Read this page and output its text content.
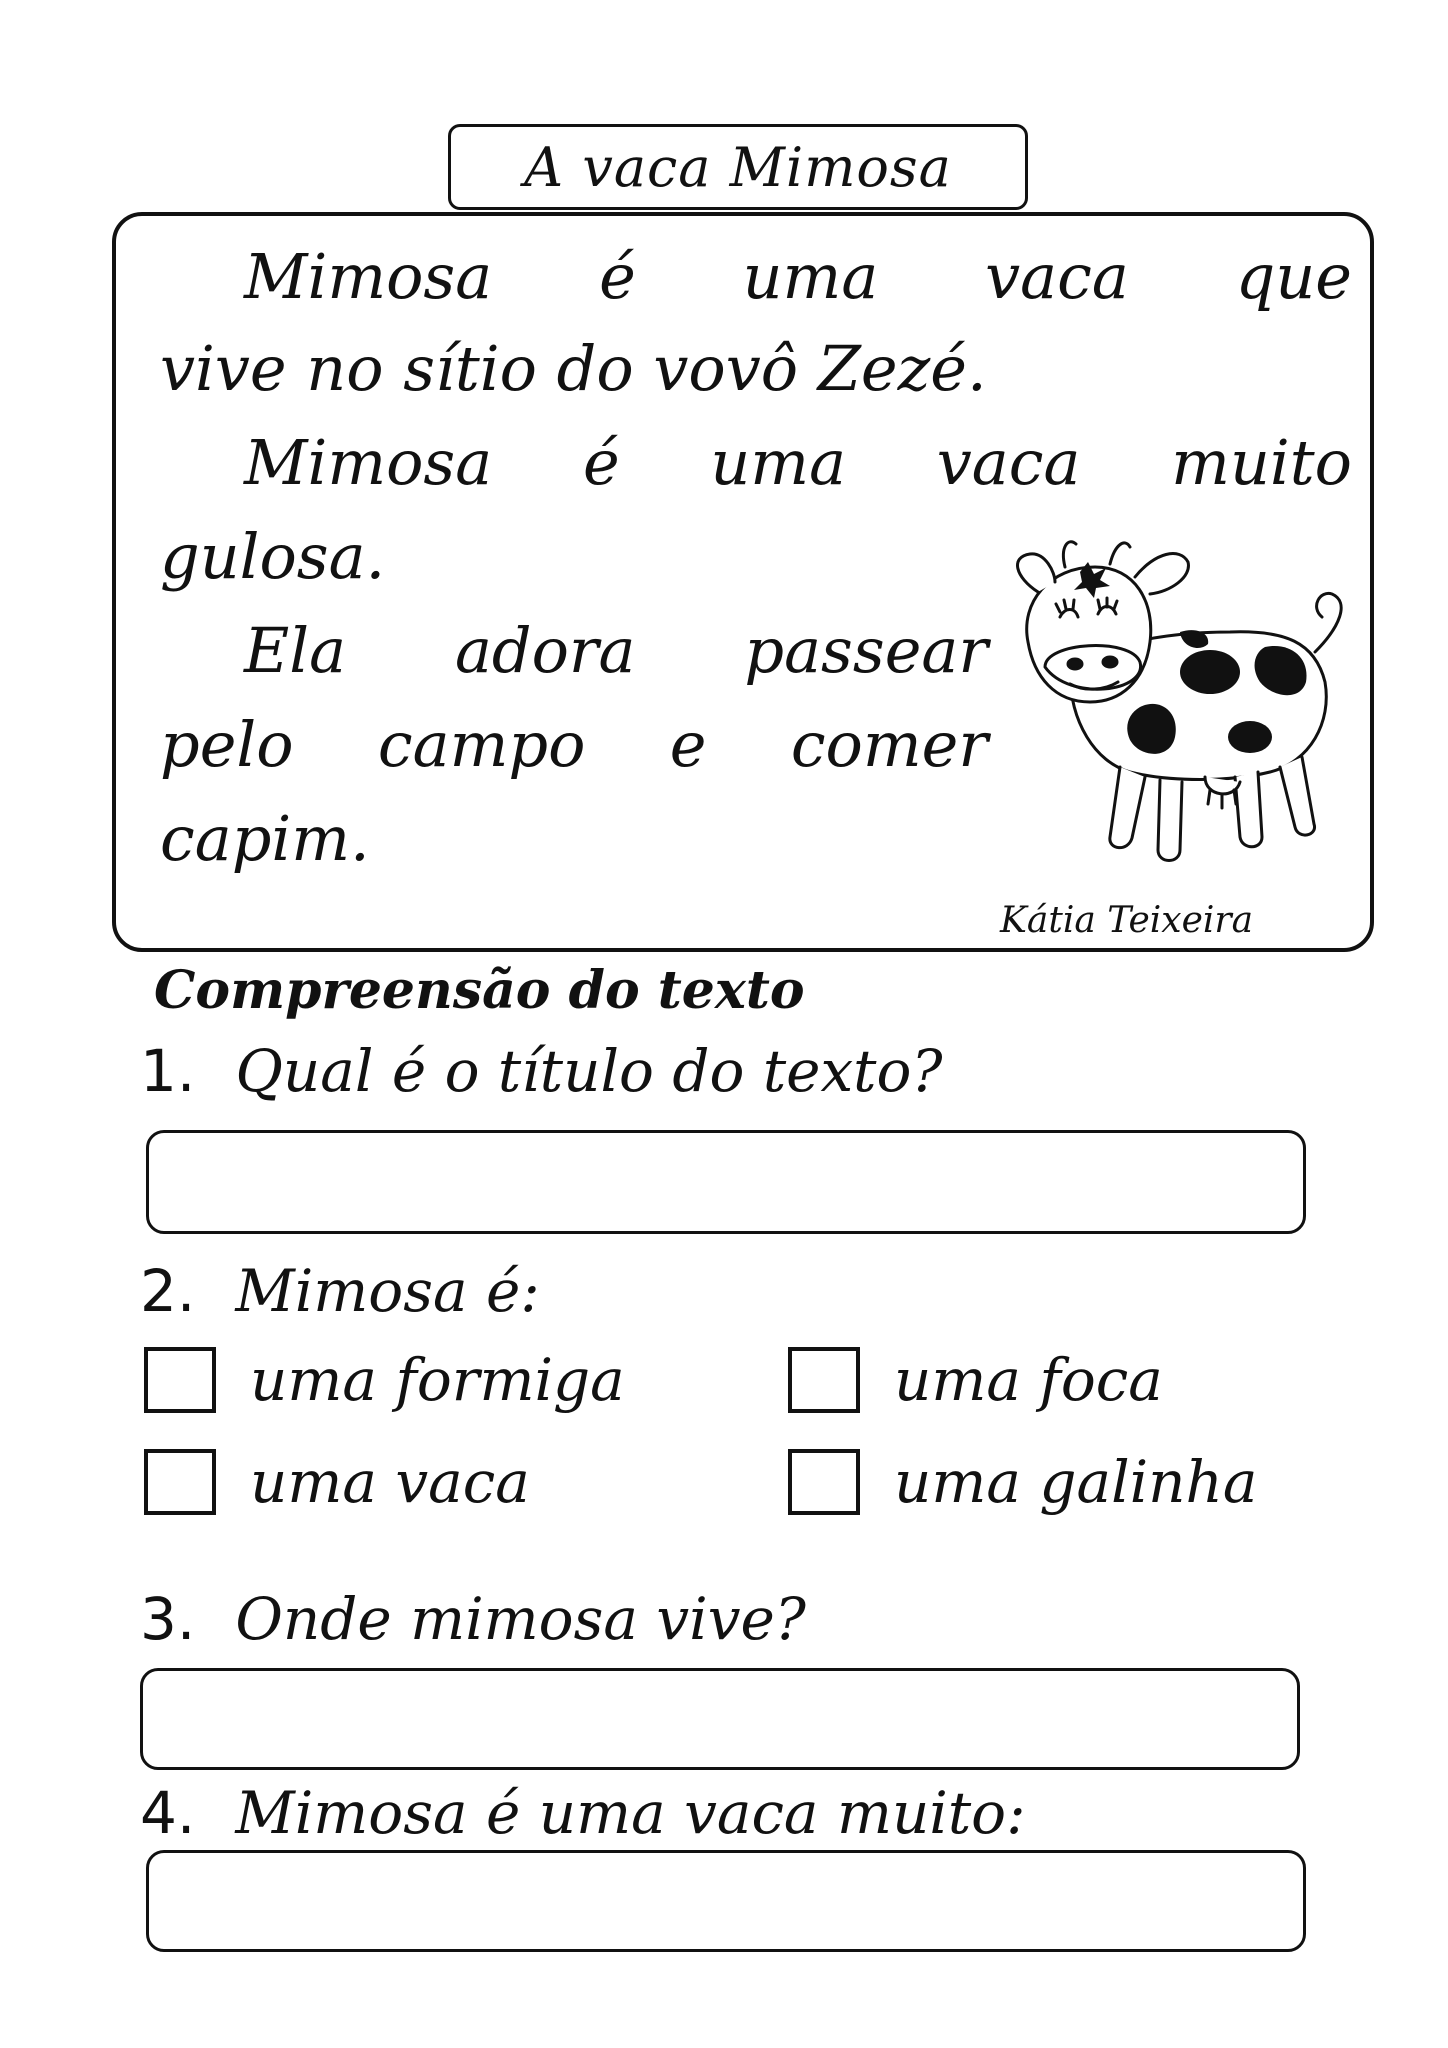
A vaca Mimosa
Mimosa é uma vaca que
vive no sítio do vovô Zezé.
Mimosa é uma vaca muito
gulosa.
Ela adora passear
pelo campo e comer
capim.
Kátia Teixeira
Compreensão do texto
1. Qual é o título do texto?
2. Mimosa é:
uma formiga	uma foca
uma vaca	uma galinha
3. Onde mimosa vive?
4. Mimosa é uma vaca muito:
